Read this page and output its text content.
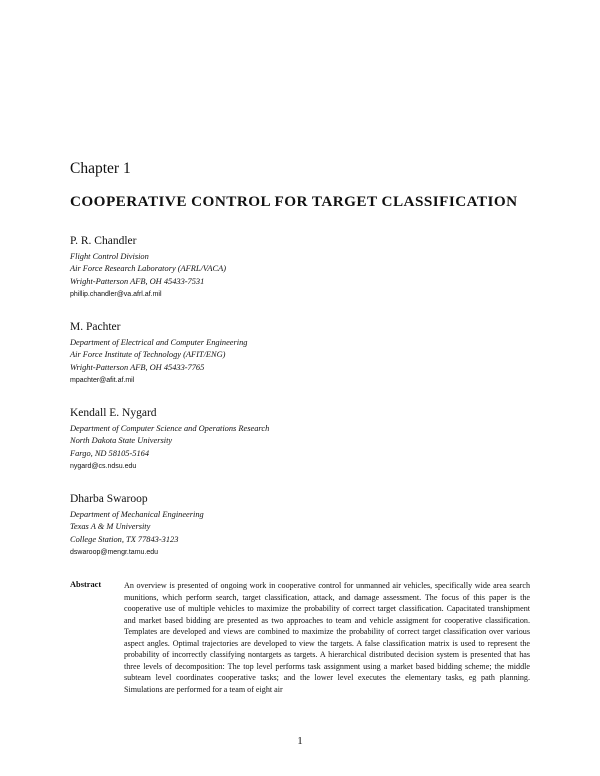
Chapter 1
COOPERATIVE CONTROL FOR TARGET CLASSIFICATION
P. R. Chandler
Flight Control Division
Air Force Research Laboratory (AFRL/VACA)
Wright-Patterson AFB, OH 45433-7531
phillip.chandler@va.afrl.af.mil
M. Pachter
Department of Electrical and Computer Engineering
Air Force Institute of Technology (AFIT/ENG)
Wright-Patterson AFB, OH 45433-7765
mpachter@afit.af.mil
Kendall E. Nygard
Department of Computer Science and Operations Research
North Dakota State University
Fargo, ND 58105-5164
nygard@cs.ndsu.edu
Dharba Swaroop
Department of Mechanical Engineering
Texas A & M University
College Station, TX 77843-3123
dswaroop@mengr.tamu.edu
Abstract	An overview is presented of ongoing work in cooperative control for unmanned air vehicles, specifically wide area search munitions, which perform search, target classification, attack, and damage assessment. The focus of this paper is the cooperative use of multiple vehicles to maximize the probability of correct target classification. Capacitated transhipment and market based bidding are presented as two approaches to team and vehicle assigment for cooperative classification. Templates are developed and views are combined to maximize the probability of correct target classification over various aspect angles. Optimal trajectories are developed to view the targets. A false classification matrix is used to represent the probability of incorrectly classifying nontargets as targets. A hierarchical distributed decision system is presented that has three levels of decomposition: The top level performs task assignment using a market based bidding scheme; the middle subteam level coordinates cooperative tasks; and the lower level executes the elementary tasks, eg path planning. Simulations are performed for a team of eight air
1
